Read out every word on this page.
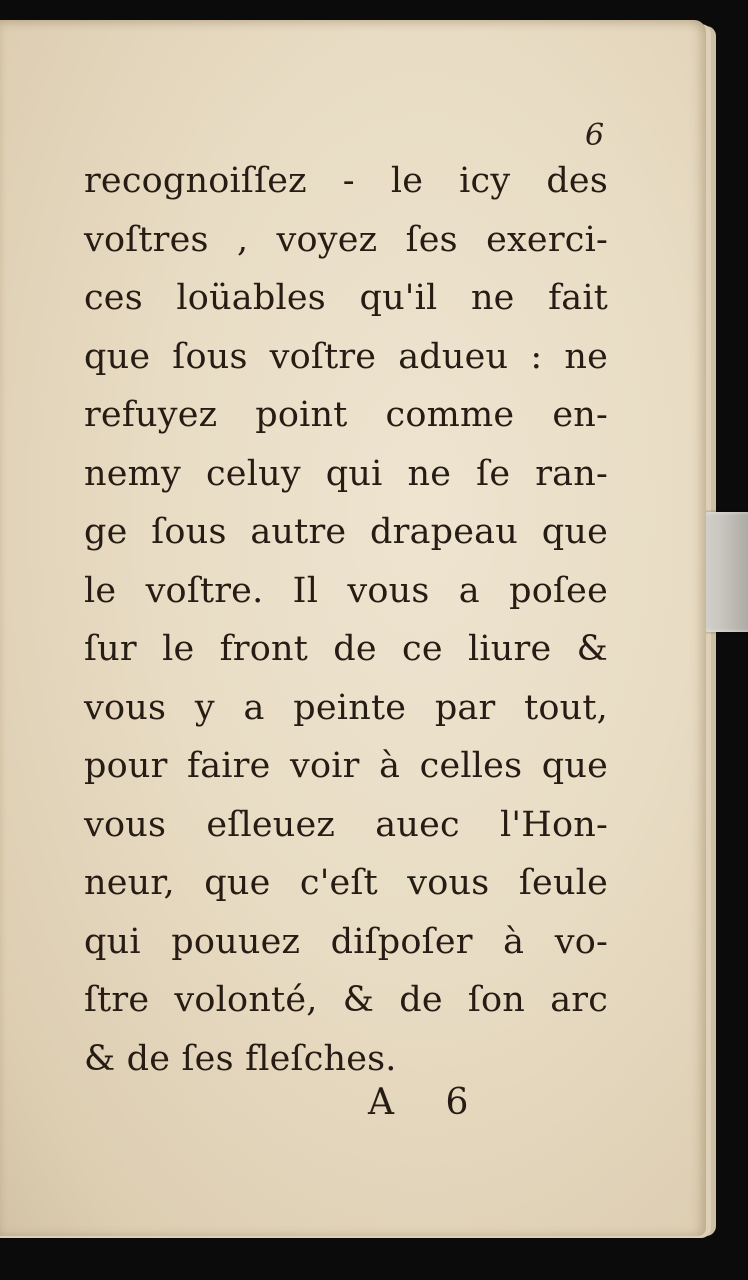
6
recognoiſſez - le icy des
voſtres , voyez ſes exerci-
ces loüables qu'il ne fait
que ſous voſtre adueu : ne
refuyez point comme en-
nemy celuy qui ne ſe ran-
ge ſous autre drapeau que
le voſtre. Il vous a poſee
ſur le front de ce liure &
vous y a peinte par tout,
pour faire voir à celles que
vous eſleuez auec l'Hon-
neur, que c'eſt vous ſeule
qui pouuez diſpoſer à vo-
ſtre volonté, & de ſon arc
& de ſes fleſches.
A 6
